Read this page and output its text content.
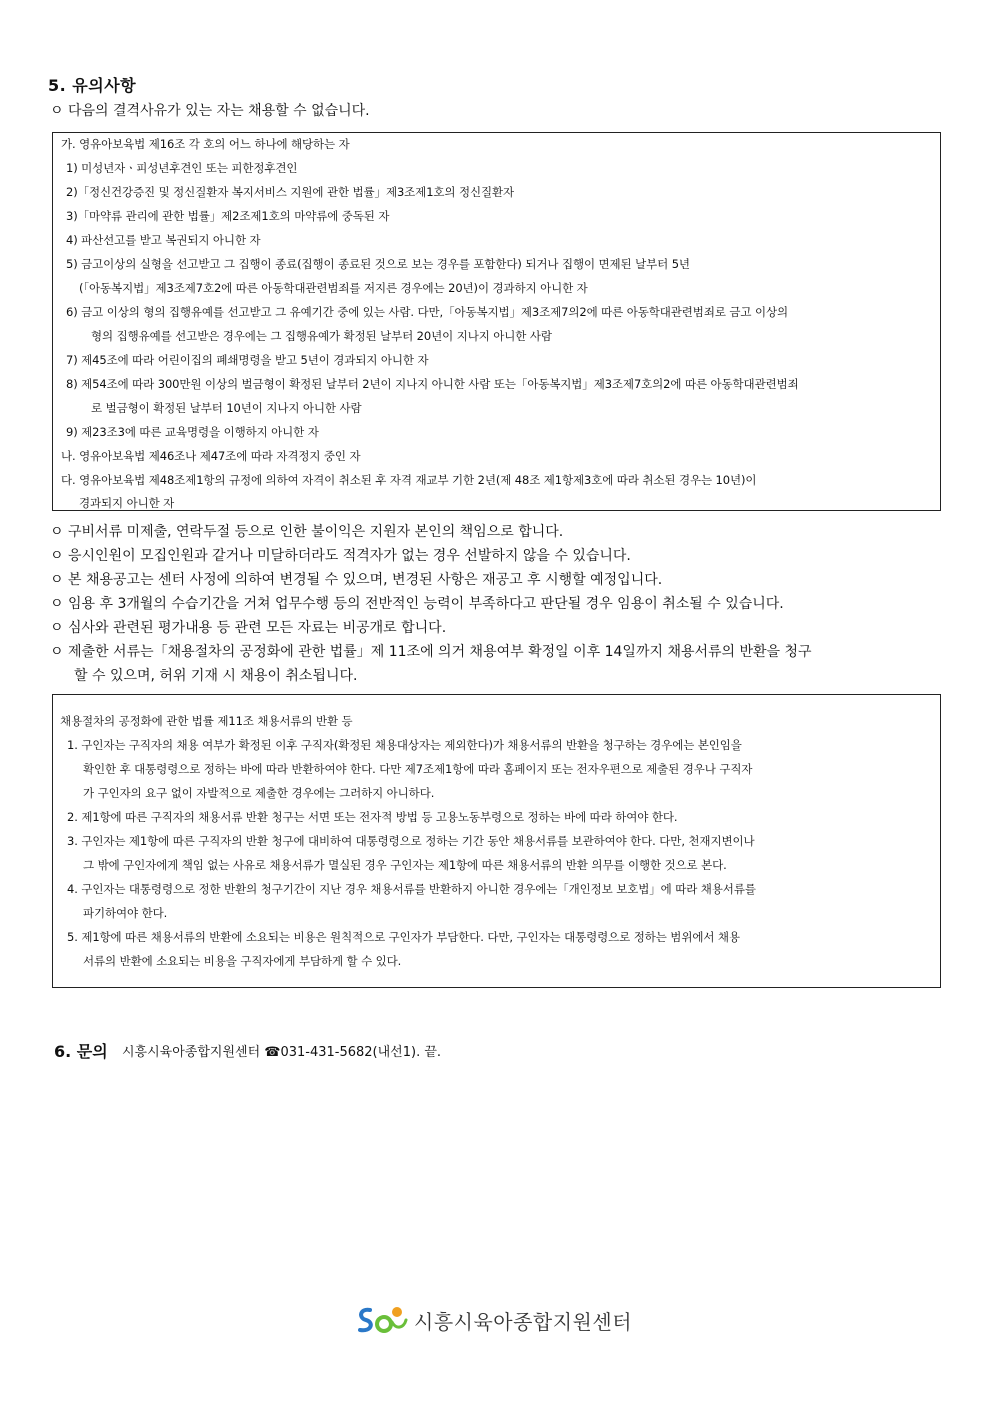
5. 유의사항
ㅇ 다음의 결격사유가 있는 자는 채용할 수 없습니다.
가. 영유아보육법 제16조 각 호의 어느 하나에 해당하는 자
1) 미성년자ㆍ피성년후견인 또는 피한정후견인
2)「정신건강증진 및 정신질환자 복지서비스 지원에 관한 법률」제3조제1호의 정신질환자
3)「마약류 관리에 관한 법률」제2조제1호의 마약류에 중독된 자
4) 파산선고를 받고 복권되지 아니한 자
5) 금고이상의 실형을 선고받고 그 집행이 종료(집행이 종료된 것으로 보는 경우를 포함한다) 되거나 집행이 면제된 날부터 5년
(「아동복지법」제3조제7호2에 따른 아동학대관련범죄를 저지른 경우에는 20년)이 경과하지 아니한 자
6) 금고 이상의 형의 집행유예를 선고받고 그 유예기간 중에 있는 사람. 다만,「아동복지법」제3조제7의2에 따른 아동학대관련범죄로 금고 이상의
형의 집행유예를 선고받은 경우에는 그 집행유예가 확정된 날부터 20년이 지나지 아니한 사람
7) 제45조에 따라 어린이집의 폐쇄명령을 받고 5년이 경과되지 아니한 자
8) 제54조에 따라 300만원 이상의 벌금형이 확정된 날부터 2년이 지나지 아니한 사람 또는「아동복지법」제3조제7호의2에 따른 아동학대관련범죄
로 벌금형이 확정된 날부터 10년이 지나지 아니한 사람
9) 제23조3에 따른 교육명령을 이행하지 아니한 자
나. 영유아보육법 제46조나 제47조에 따라 자격정지 중인 자
다. 영유아보육법 제48조제1항의 규정에 의하여 자격이 취소된 후 자격 재교부 기한 2년(제 48조 제1항제3호에 따라 취소된 경우는 10년)이
경과되지 아니한 자
ㅇ 구비서류 미제출, 연락두절 등으로 인한 불이익은 지원자 본인의 책임으로 합니다.
ㅇ 응시인원이 모집인원과 같거나 미달하더라도 적격자가 없는 경우 선발하지 않을 수 있습니다.
ㅇ 본 채용공고는 센터 사정에 의하여 변경될 수 있으며, 변경된 사항은 재공고 후 시행할 예정입니다.
ㅇ 임용 후 3개월의 수습기간을 거쳐 업무수행 등의 전반적인 능력이 부족하다고 판단될 경우 임용이 취소될 수 있습니다.
ㅇ 심사와 관련된 평가내용 등 관련 모든 자료는 비공개로 합니다.
ㅇ 제출한 서류는「채용절차의 공정화에 관한 법률」제 11조에 의거 채용여부 확정일 이후 14일까지 채용서류의 반환을 청구
할 수 있으며, 허위 기재 시 채용이 취소됩니다.
채용절차의 공정화에 관한 법률 제11조 채용서류의 반환 등
1. 구인자는 구직자의 채용 여부가 확정된 이후 구직자(확정된 채용대상자는 제외한다)가 채용서류의 반환을 청구하는 경우에는 본인임을
확인한 후 대통령령으로 정하는 바에 따라 반환하여야 한다. 다만 제7조제1항에 따라 홈페이지 또는 전자우편으로 제출된 경우나 구직자
가 구인자의 요구 없이 자발적으로 제출한 경우에는 그러하지 아니하다.
2. 제1항에 따른 구직자의 채용서류 반환 청구는 서면 또는 전자적 방법 등 고용노동부령으로 정하는 바에 따라 하여야 한다.
3. 구인자는 제1항에 따른 구직자의 반환 청구에 대비하여 대통령령으로 정하는 기간 동안 채용서류를 보관하여야 한다. 다만, 천재지변이나
그 밖에 구인자에게 책임 없는 사유로 채용서류가 멸실된 경우 구인자는 제1항에 따른 채용서류의 반환 의무를 이행한 것으로 본다.
4. 구인자는 대통령령으로 정한 반환의 청구기간이 지난 경우 채용서류를 반환하지 아니한 경우에는「개인정보 보호법」에 따라 채용서류를
파기하여야 한다.
5. 제1항에 따른 채용서류의 반환에 소요되는 비용은 원칙적으로 구인자가 부담한다. 다만, 구인자는 대통령령으로 정하는 범위에서 채용
서류의 반환에 소요되는 비용을 구직자에게 부담하게 할 수 있다.
6. 문의 시흥시육아종합지원센터 ☎031-431-5682(내선1). 끝.
시흥시육아종합지원센터
